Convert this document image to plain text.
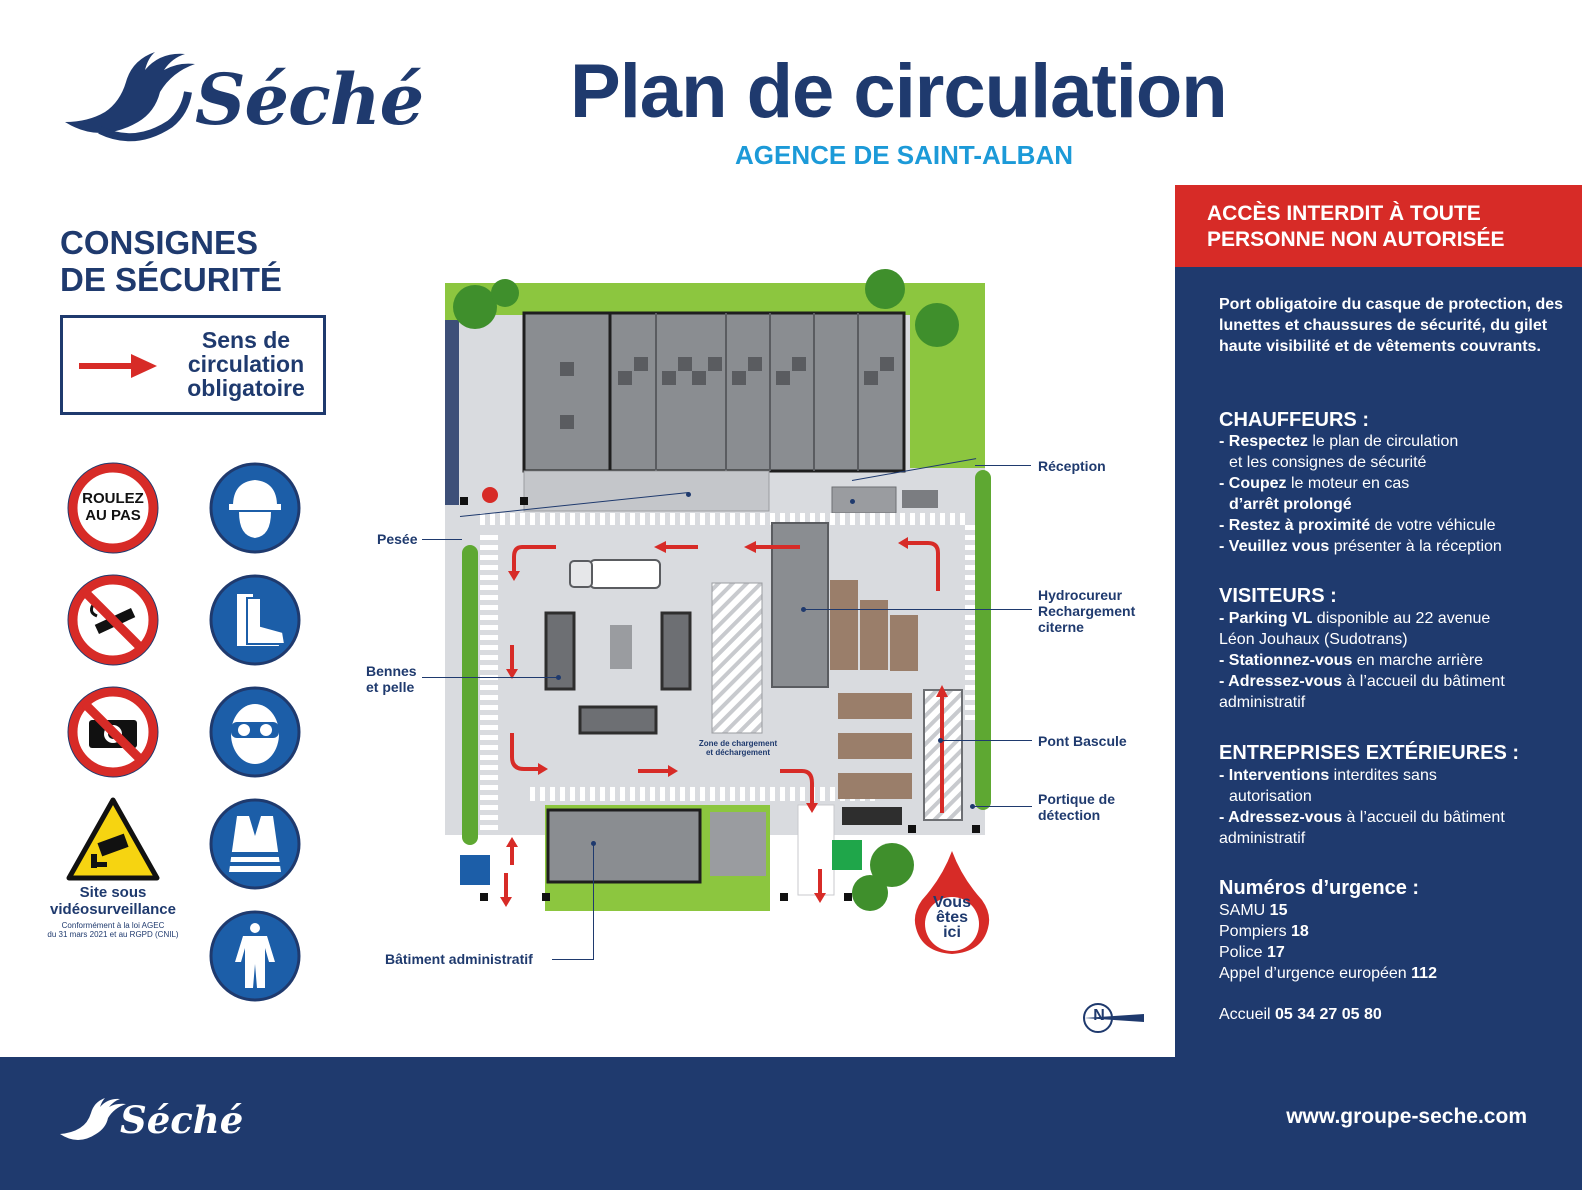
Séché Plan de circulation
AGENCE DE SAINT-ALBAN
CONSIGNES
DE SÉCURITÉ
Sens de
circulation
obligatoire
ROULEZ
AU PAS
Site sous
vidéosurveillance
Conformément à la loi AGEC
du 31 mars 2021 et au RGPD (CNIL)
Zone de chargement
et déchargement
Réception
Pesée
Hydrocureur
Rechargement
citerne
Bennes
et pelle
Pont Bascule
Portique de
détection
Bâtiment administratif
Vous
êtes
ici
N
ACCÈS INTERDIT À TOUTE
PERSONNE NON AUTORISÉE
Port obligatoire du casque de protection, des lunettes et chaussures de sécurité, du gilet haute visibilité et de vêtements couvrants.
CHAUFFEURS :
- Respectez le plan de circulation
et les consignes de sécurité
- Coupez le moteur en cas
d’arrêt prolongé
- Restez à proximité de votre véhicule
- Veuillez vous présenter à la réception
VISITEURS :
- Parking VL disponible au 22 avenue
Léon Jouhaux (Sudotrans)
- Stationnez-vous en marche arrière
- Adressez-vous à l’accueil du bâtiment
administratif
ENTREPRISES EXTÉRIEURES :
- Interventions interdites sans
autorisation
- Adressez-vous à l’accueil du bâtiment
administratif
Numéros d’urgence :
SAMU 15
Pompiers 18
Police 17
Appel d’urgence européen 112
Accueil 05 34 27 05 80
Séché	www.groupe-seche.com
